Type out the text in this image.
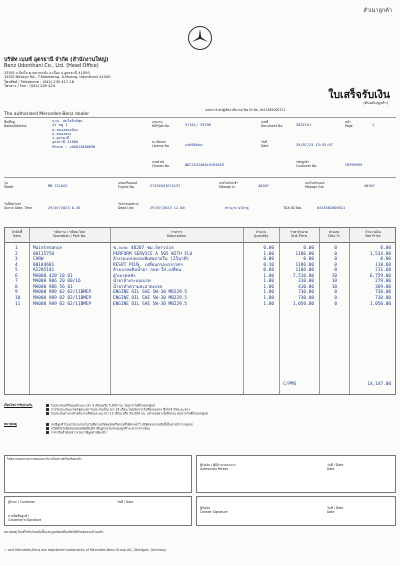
สำเนาลูกค้า
บริษัท เบนซ์ อุดรธานี จำกัด (สำนักงานใหญ่)
Benz Udonthani Co., Ltd. (Head Office)
155/5 ถ.นิตโย ต.หมากแข้ง อ.เมือง จ.อุดรธานี 41000
155/5 Nittayo Rd., T.Makkaeng, A.Muang, Udonthani 41000
โทรศัพท์ / Telephone : (042) 245 417-18
โทรสาร / Fax : (042) 249 424
ใบเสร็จรับเงิน
(ต้นฉบับ/ลูกค้า)
เลขประจำตัวผู้เสียภาษีอากร/Tax ID No. 0415562000721
The authorized Mercedes-Benz dealer
ชื่อ/ที่อยู่
Name/Address
นาย. สมใจรักษ์ชุ่ย
41 หมู่ 1
ต.หนองสองห้อง
อ.หนองสอง
จ.อุดรธานี
อุดรธานี 41000
Phone : +66813880098
เลขงาน
WIP/Job No.	57161/ 39296
เลขที่
Document No.	3032161
หน้า
Page	1
ทะเบียนรถ
License No.	กจ6666อด
วันที่
Date	29/07/23 13:55:07
เลขตัวถัง
Chassis No.	WDC2531466LH194629
รหัสลูกค้า
Customer No.	C8999999
รุ่น
Model	MB CCLASS
เลขเครื่องยนต์
Engine No.	27492031674157
เลขไมล์รถเข้า
Mileage In	40207
เลขไมล์รถออก
Mileage Out	40207
วันที่นัดรับรถ
Due in Date, Time	29/07/2023 8.30
วันกำหนดรับรถ
Dead Line	29/07/2023 12.00	ท่าน/นางนักรฐ	TAX ID No.	0415562000921
ลำดับที่
Item
รหัสงาน / รหัสอะไหล่
Operation / Part No.
รายการ
Description
จำนวน
Quantity
ราคา/หน่วย
Unit Price
ส่วนลด
Disc %
จำนวนเงิน
Net Price
1	Maintenance	ช.ระยะ 40207 ชม.Service	0.00	0.00	0	0.00
2	00115750	PERFORM SERVICE A 505 WITH FLU	1.00	1186.00	0	1,534.00
3	CARW	ล้างรถแบบครอบพิเศษภายใน (25นาที)	0.00	0.00	0	0.00
4	00184601	RESUT PIUS. เปลี่ยนกรองอากาศฯ	0.10	1186.00	0	118.60
5	A2205181	ล้างเบรคเติมน้ำยา ถอด-ใส่.เปลี่ยน	0.60	1186.00	0	711.60
6	MA000 420 18 01	ผ้าเบรคหลัง	1.00	7,510.00	10	6,759.00
7	MA000 986 20 00/16	น้ำยาล้างระบบเบรค	1.00	310.00	10	279.00
8	MA000 986 56 01	น้ำยาทำความสะอาดเบรค	1.00	410.00	10	369.00
9	MA000 989 02 02/11BMEP	ENGINE OIL SAE 5W-30 MB229.5	1.00	730.00	0	730.00
10	MA000 989 02 02/11BMEP	ENGINE OIL SAE 5W-30 MB229.5	1.00	730.00	0	730.00
11	MA000 989 02 02/11BMEP	ENGINE OIL SAE 5W-30 MB229.5	1.00	1,050.00	0	1,050.00
C/PMS	14,147.00
เงื่อนไขการรับประกัน	รับประกันเครื่องยนต์ระยะเวลา 3 เดือนหรือ 5,000 กม. นับจากวันที่รถออกศูนย์
การรับประกันอะไหล่ชุดเบรค รับประกันเป็นเวลา 24 เดือน โดยนับจากวันที่ส่งมอบรถ ซึ่งไม่จำกัดระยะทาง
รับประกันค่าแรงสำหรับงานที่ซ่อมระยะเวลา 12 เดือน หรือ 50,000 กม. แล้วแต่อย่างใดถึงก่อน นับจากวันที่รถออกศูนย์
หมายเหตุ	กรณีลูกค้าไม่มารับรถภายในวันที่ทางบริษัทแจ้งหรือตามที่ได้ตกลงไว้ บริษัทขอสงวนสิทธิ์เก็บค่าบริการจอดรถ
บริษัทไม่รับผิดชอบต่อทรัพย์สินมีค่าที่อยู่ภายในรถของลูกค้าระหว่างการซ่อม
ราคาสินค้าดังกล่าวรวมภาษีมูลค่าเพิ่มแล้ว
ได้ตรวจสอบรายการซ่อมและรับรถในสภาพเรียบร้อยแล้ว
ผู้รับรถ / Customer	วันที่ / Date
ลายมือชื่อลูกค้า
Customer's Signature
ผู้รับเงิน / ผู้มีอำนาจลงนาม
Authorized Person
วันที่ / Date
Date
ผู้รับเงิน
Cashier Signature
วันที่ / Date
Date
หมายเหตุ ใบเสร็จรับเงินฉบับนี้จะสมบูรณ์ต่อเมื่อบริษัทได้รับเงินครบถ้วนแล้ว
☆ and Mercedes-Benz are registered trademarks of Mercedes-Benz Group AG, Stuttgart, Germany.
